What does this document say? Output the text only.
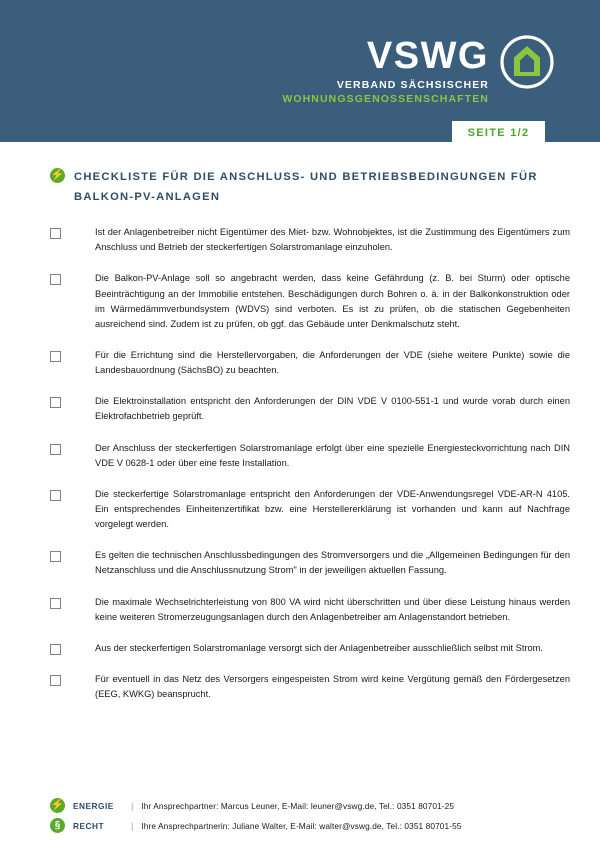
VSWG
VERBAND SÄCHSISCHER
WOHNUNGSGENOSSENSCHAFTEN
SEITE 1/2
⚡ CHECKLISTE FÜR DIE ANSCHLUSS- UND BETRIEBSBEDINGUNGEN FÜR BALKON-PV-ANLAGEN
Ist der Anlagenbetreiber nicht Eigentümer des Miet- bzw. Wohnobjektes, ist die Zustimmung des Eigentümers zum Anschluss und Betrieb der steckerfertigen Solarstromanlage einzuholen.
Die Balkon-PV-Anlage soll so angebracht werden, dass keine Gefährdung (z. B. bei Sturm) oder optische Beeinträchtigung an der Immobilie entstehen. Beschädigungen durch Bohren o. ä. in der Balkonkonstruktion oder im Wärmedämmverbundsystem (WDVS) sind verboten. Es ist zu prüfen, ob die statischen Gegebenheiten ausreichend sind. Zudem ist zu prüfen, ob ggf. das Gebäude unter Denkmalschutz steht.
Für die Errichtung sind die Herstellervorgaben, die Anforderungen der VDE (siehe weitere Punkte) sowie die Landesbauordnung (SächsBO) zu beachten.
Die Elektroinstallation entspricht den Anforderungen der DIN VDE V 0100-551-1 und wurde vorab durch einen Elektrofachbetrieb geprüft.
Der Anschluss der steckerfertigen Solarstromanlage erfolgt über eine spezielle Energiesteckvorrichtung nach DIN VDE V 0628-1 oder über eine feste Installation.
Die steckerfertige Solarstromanlage entspricht den Anforderungen der VDE-Anwendungsregel VDE-AR-N 4105. Ein entsprechendes Einheitenzertifikat bzw. eine Herstellererklärung ist vorhanden und kann auf Nachfrage vorgelegt werden.
Es gelten die technischen Anschlussbedingungen des Stromversorgers und die „Allgemeinen Bedingungen für den Netzanschluss und die Anschlussnutzung Strom" in der jeweiligen aktuellen Fassung.
Die maximale Wechselrichterleistung von 800 VA wird nicht überschritten und über diese Leistung hinaus werden keine weiteren Stromerzeugungsanlagen durch den Anlagenbetreiber am Anlagenstandort betrieben.
Aus der steckerfertigen Solarstromanlage versorgt sich der Anlagenbetreiber ausschließlich selbst mit Strom.
Für eventuell in das Netz des Versorgers eingespeisten Strom wird keine Vergütung gemäß den Fördergesetzen (EEG, KWKG) beansprucht.
⚡ ENERGIE	| Ihr Ansprechpartner: Marcus Leuner, E-Mail: leuner@vswg.de, Tel.: 0351 80701-25
§	RECHT	| Ihre Ansprechpartnerin: Juliane Walter, E-Mail: walter@vswg.de, Tel.: 0351 80701-55
